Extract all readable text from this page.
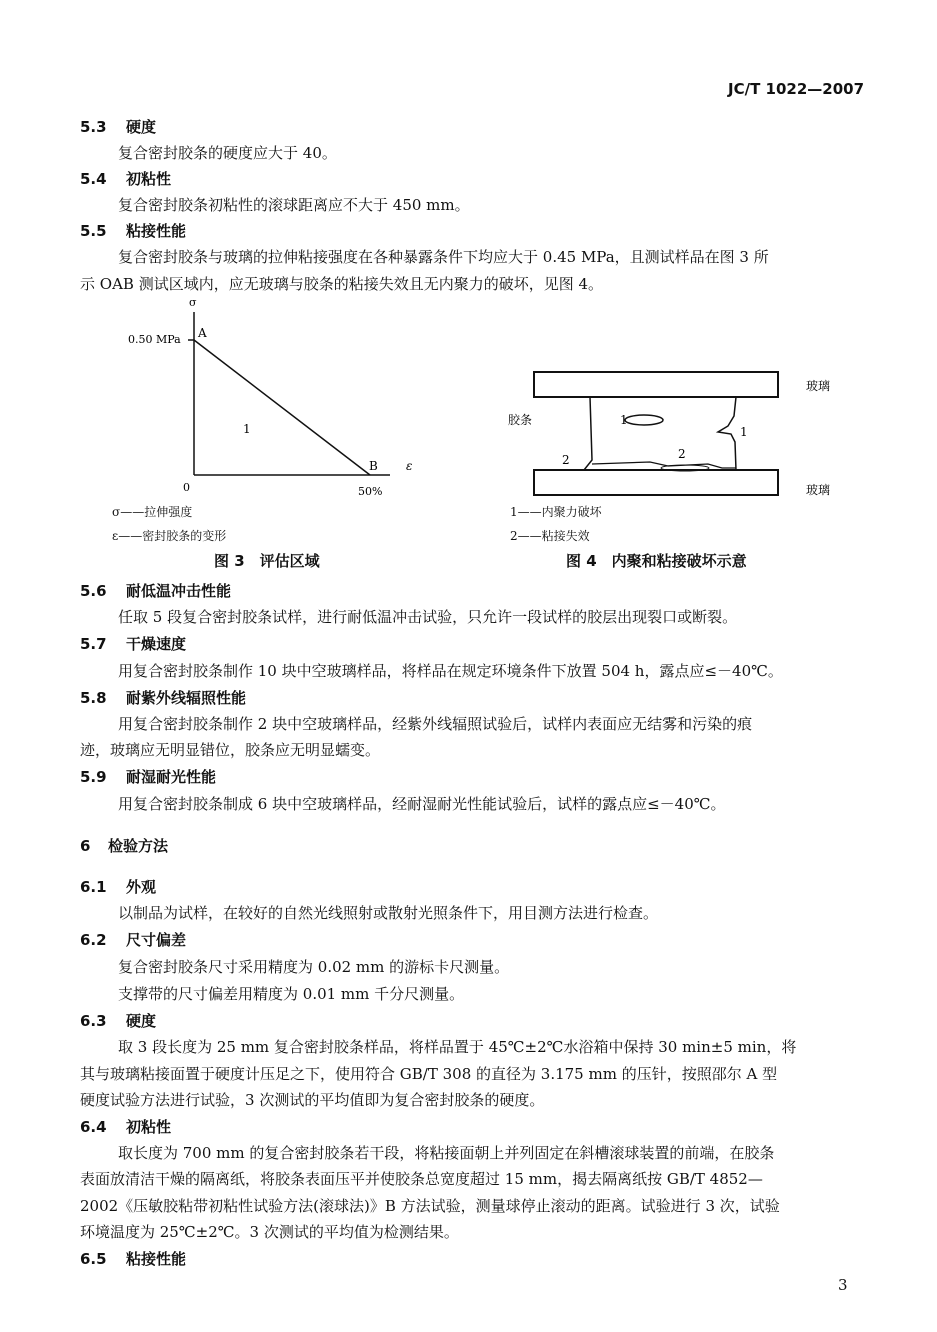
JC/T 1022—2007
5.3 硬度
复合密封胶条的硬度应大于 40。
5.4 初粘性
复合密封胶条初粘性的滚球距离应不大于 450 mm。
5.5 粘接性能
复合密封胶条与玻璃的拉伸粘接强度在各种暴露条件下均应大于 0.45 MPa，且测试样品在图 3 所
示 OAB 测试区域内，应无玻璃与胶条的粘接失效且无内聚力的破坏，见图 4。
σ
0.50 MPa A
1
B ε
0	50%
σ——拉伸强度
ε——密封胶条的变形
图 3　评估区域
1
1
2	2
胶条
玻璃
玻璃
1——内聚力破坏
2——粘接失效
图 4　内聚和粘接破坏示意
5.6 耐低温冲击性能
任取 5 段复合密封胶条试样，进行耐低温冲击试验，只允许一段试样的胶层出现裂口或断裂。
5.7 干燥速度
用复合密封胶条制作 10 块中空玻璃样品，将样品在规定环境条件下放置 504 h，露点应≤－40℃。
5.8 耐紫外线辐照性能
用复合密封胶条制作 2 块中空玻璃样品，经紫外线辐照试验后，试样内表面应无结雾和污染的痕
迹，玻璃应无明显错位，胶条应无明显蠕变。
5.9 耐湿耐光性能
用复合密封胶条制成 6 块中空玻璃样品，经耐湿耐光性能试验后，试样的露点应≤－40℃。
6 检验方法
6.1 外观
以制品为试样，在较好的自然光线照射或散射光照条件下，用目测方法进行检查。
6.2 尺寸偏差
复合密封胶条尺寸采用精度为 0.02 mm 的游标卡尺测量。
支撑带的尺寸偏差用精度为 0.01 mm 千分尺测量。
6.3 硬度
取 3 段长度为 25 mm 复合密封胶条样品，将样品置于 45℃±2℃水浴箱中保持 30 min±5 min，将
其与玻璃粘接面置于硬度计压足之下，使用符合 GB/T 308 的直径为 3.175 mm 的压针，按照邵尔 A 型
硬度试验方法进行试验，3 次测试的平均值即为复合密封胶条的硬度。
6.4 初粘性
取长度为 700 mm 的复合密封胶条若干段，将粘接面朝上并列固定在斜槽滚球装置的前端，在胶条
表面放清洁干燥的隔离纸，将胶条表面压平并使胶条总宽度超过 15 mm，揭去隔离纸按 GB/T 4852—
2002《压敏胶粘带初粘性试验方法(滚球法)》B 方法试验，测量球停止滚动的距离。试验进行 3 次，试验
环境温度为 25℃±2℃。3 次测试的平均值为检测结果。
6.5 粘接性能
3
